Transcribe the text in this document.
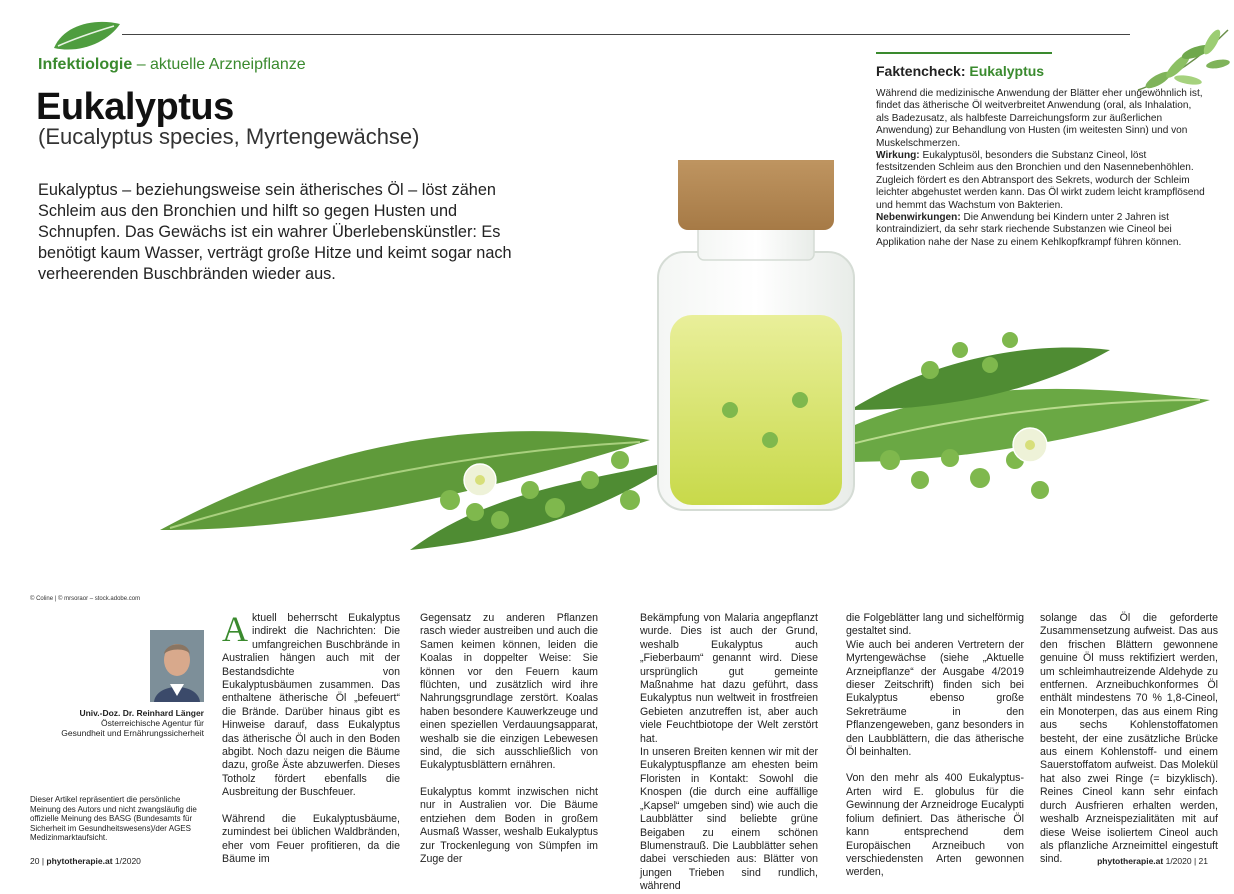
Infektiologie – aktuelle Arzneipflanze
Eukalyptus
(Eucalyptus species, Myrtengewächse)
Eukalyptus – beziehungsweise sein ätherisches Öl – löst zähen Schleim aus den Bronchien und hilft so gegen Husten und Schnupfen. Das Gewächs ist ein wahrer Überlebenskünstler: Es benötigt kaum Wasser, verträgt große Hitze und keimt sogar nach verheerenden Buschbränden wieder aus.
Faktencheck: Eukalyptus

Während die medizinische Anwendung der Blätter eher ungewöhnlich ist, findet das ätherische Öl weitverbreitet Anwendung (oral, als Inhalation, als Badezusatz, als halbfeste Darreichungsform zur äußerlichen Anwendung) zur Behandlung von Husten (im weitesten Sinn) und von Muskelschmerzen.

Wirkung: Eukalyptusöl, besonders die Substanz Cineol, löst festsitzenden Schleim aus den Bronchien und den Nasennebenhöhlen. Zugleich fördert es den Abtransport des Sekrets, wodurch der Schleim leichter abgehustet werden kann. Das Öl wirkt zudem leicht krampflösend und hemmt das Wachstum von Bakterien.

Nebenwirkungen: Die Anwendung bei Kindern unter 2 Jahren ist kontraindiziert, da sehr stark riechende Substanzen wie Cineol bei Applikation nahe der Nase zu einem Kehlkopfkrampf führen können.

© Coline | © mrsoraor – stock.adobe.com
Univ.-Doz. Dr. Reinhard Länger
Österreichische Agentur für
Gesundheit und Ernährungssicherheit
Dieser Artikel repräsentiert die persönliche Meinung des Autors und nicht zwangsläufig die offizielle Meinung des BASG (Bundesamts für Sicherheit im Gesundheitswesens)/der AGES Medizinmarktaufsicht.

Aktuell beherrscht Eukalyptus indirekt die Nachrichten: Die umfangreichen Buschbrände in Australien hängen auch mit der Bestandsdichte von Eukalyptusbäumen zusammen. Das enthaltene ätherische Öl „befeuert“ die Brände. Darüber hinaus gibt es Hinweise darauf, dass Eukalyptus das ätherische Öl auch in den Boden abgibt. Noch dazu neigen die Bäume dazu, große Äste abzuwerfen. Dieses Totholz fördert ebenfalls die Ausbreitung der Buschfeuer.

Während die Eukalyptusbäume, zumindest bei üblichen Waldbränden, eher vom Feuer profitieren, da die Bäume im

Gegensatz zu anderen Pflanzen rasch wieder austreiben und auch die Samen keimen können, leiden die Koalas in doppelter Weise: Sie können vor den Feuern kaum flüchten, und zusätzlich wird ihre Nahrungsgrundlage zerstört. Koalas haben besondere Kauwerkzeuge und einen speziellen Verdauungsapparat, weshalb sie die einzigen Lebewesen sind, die sich ausschließlich von Eukalyptusblättern ernähren.

Eukalyptus kommt inzwischen nicht nur in Australien vor. Die Bäume entziehen dem Boden in großem Ausmaß Wasser, weshalb Eukalyptus zur Trockenlegung von Sümpfen im Zuge der

Bekämpfung von Malaria angepflanzt wurde. Dies ist auch der Grund, weshalb Eukalyptus auch „Fieberbaum“ genannt wird. Diese ursprünglich gut gemeinte Maßnahme hat dazu geführt, dass Eukalyptus nun weltweit in frostfreien Gebieten anzutreffen ist, aber auch viele Feuchtbiotope der Welt zerstört hat.

In unseren Breiten kennen wir mit der Eukalyptuspflanze am ehesten beim Floristen in Kontakt: Sowohl die Knospen (die durch eine auffällige „Kapsel“ umgeben sind) wie auch die Laubblätter sind beliebte grüne Beigaben zu einem schönen Blumenstrauß. Die Laubblätter sehen dabei verschieden aus: Blätter von jungen Trieben sind rundlich, während

die Folgeblätter lang und sichelförmig gestaltet sind.

Wie auch bei anderen Vertretern der Myrtengewächse (siehe „Aktuelle Arzneipflanze“ der Ausgabe 4/2019 dieser Zeitschrift) finden sich bei Eukalyptus ebenso große Sekreträume in den Pflanzengeweben, ganz besonders in den Laubblättern, die das ätherische Öl beinhalten.

Von den mehr als 400 Eukalyptus-Arten wird E. globulus für die Gewinnung der Arzneidroge Eucalypti folium definiert. Das ätherische Öl kann entsprechend dem Europäischen Arzneibuch von verschiedensten Arten gewonnen werden,

solange das Öl die geforderte Zusammensetzung aufweist. Das aus den frischen Blättern gewonnene genuine Öl muss rektifiziert werden, um schleimhautreizende Aldehyde zu entfernen. Arzneibuchkonformes Öl enthält mindestens 70 % 1,8-Cineol, ein Monoterpen, das aus einem Ring aus sechs Kohlenstoffatomen besteht, der eine zusätzliche Brücke aus einem Kohlenstoff- und einem Sauerstoffatom aufweist. Das Molekül hat also zwei Ringe (= bizyklisch). Reines Cineol kann sehr einfach durch Ausfrieren erhalten werden, weshalb Arzneispezialitäten mit auf diese Weise isoliertem Cineol auch als pflanzliche Arzneimittel eingestuft sind.

20 | phytotherapie.at 1/2020	phytotherapie.at 1/2020 | 21
